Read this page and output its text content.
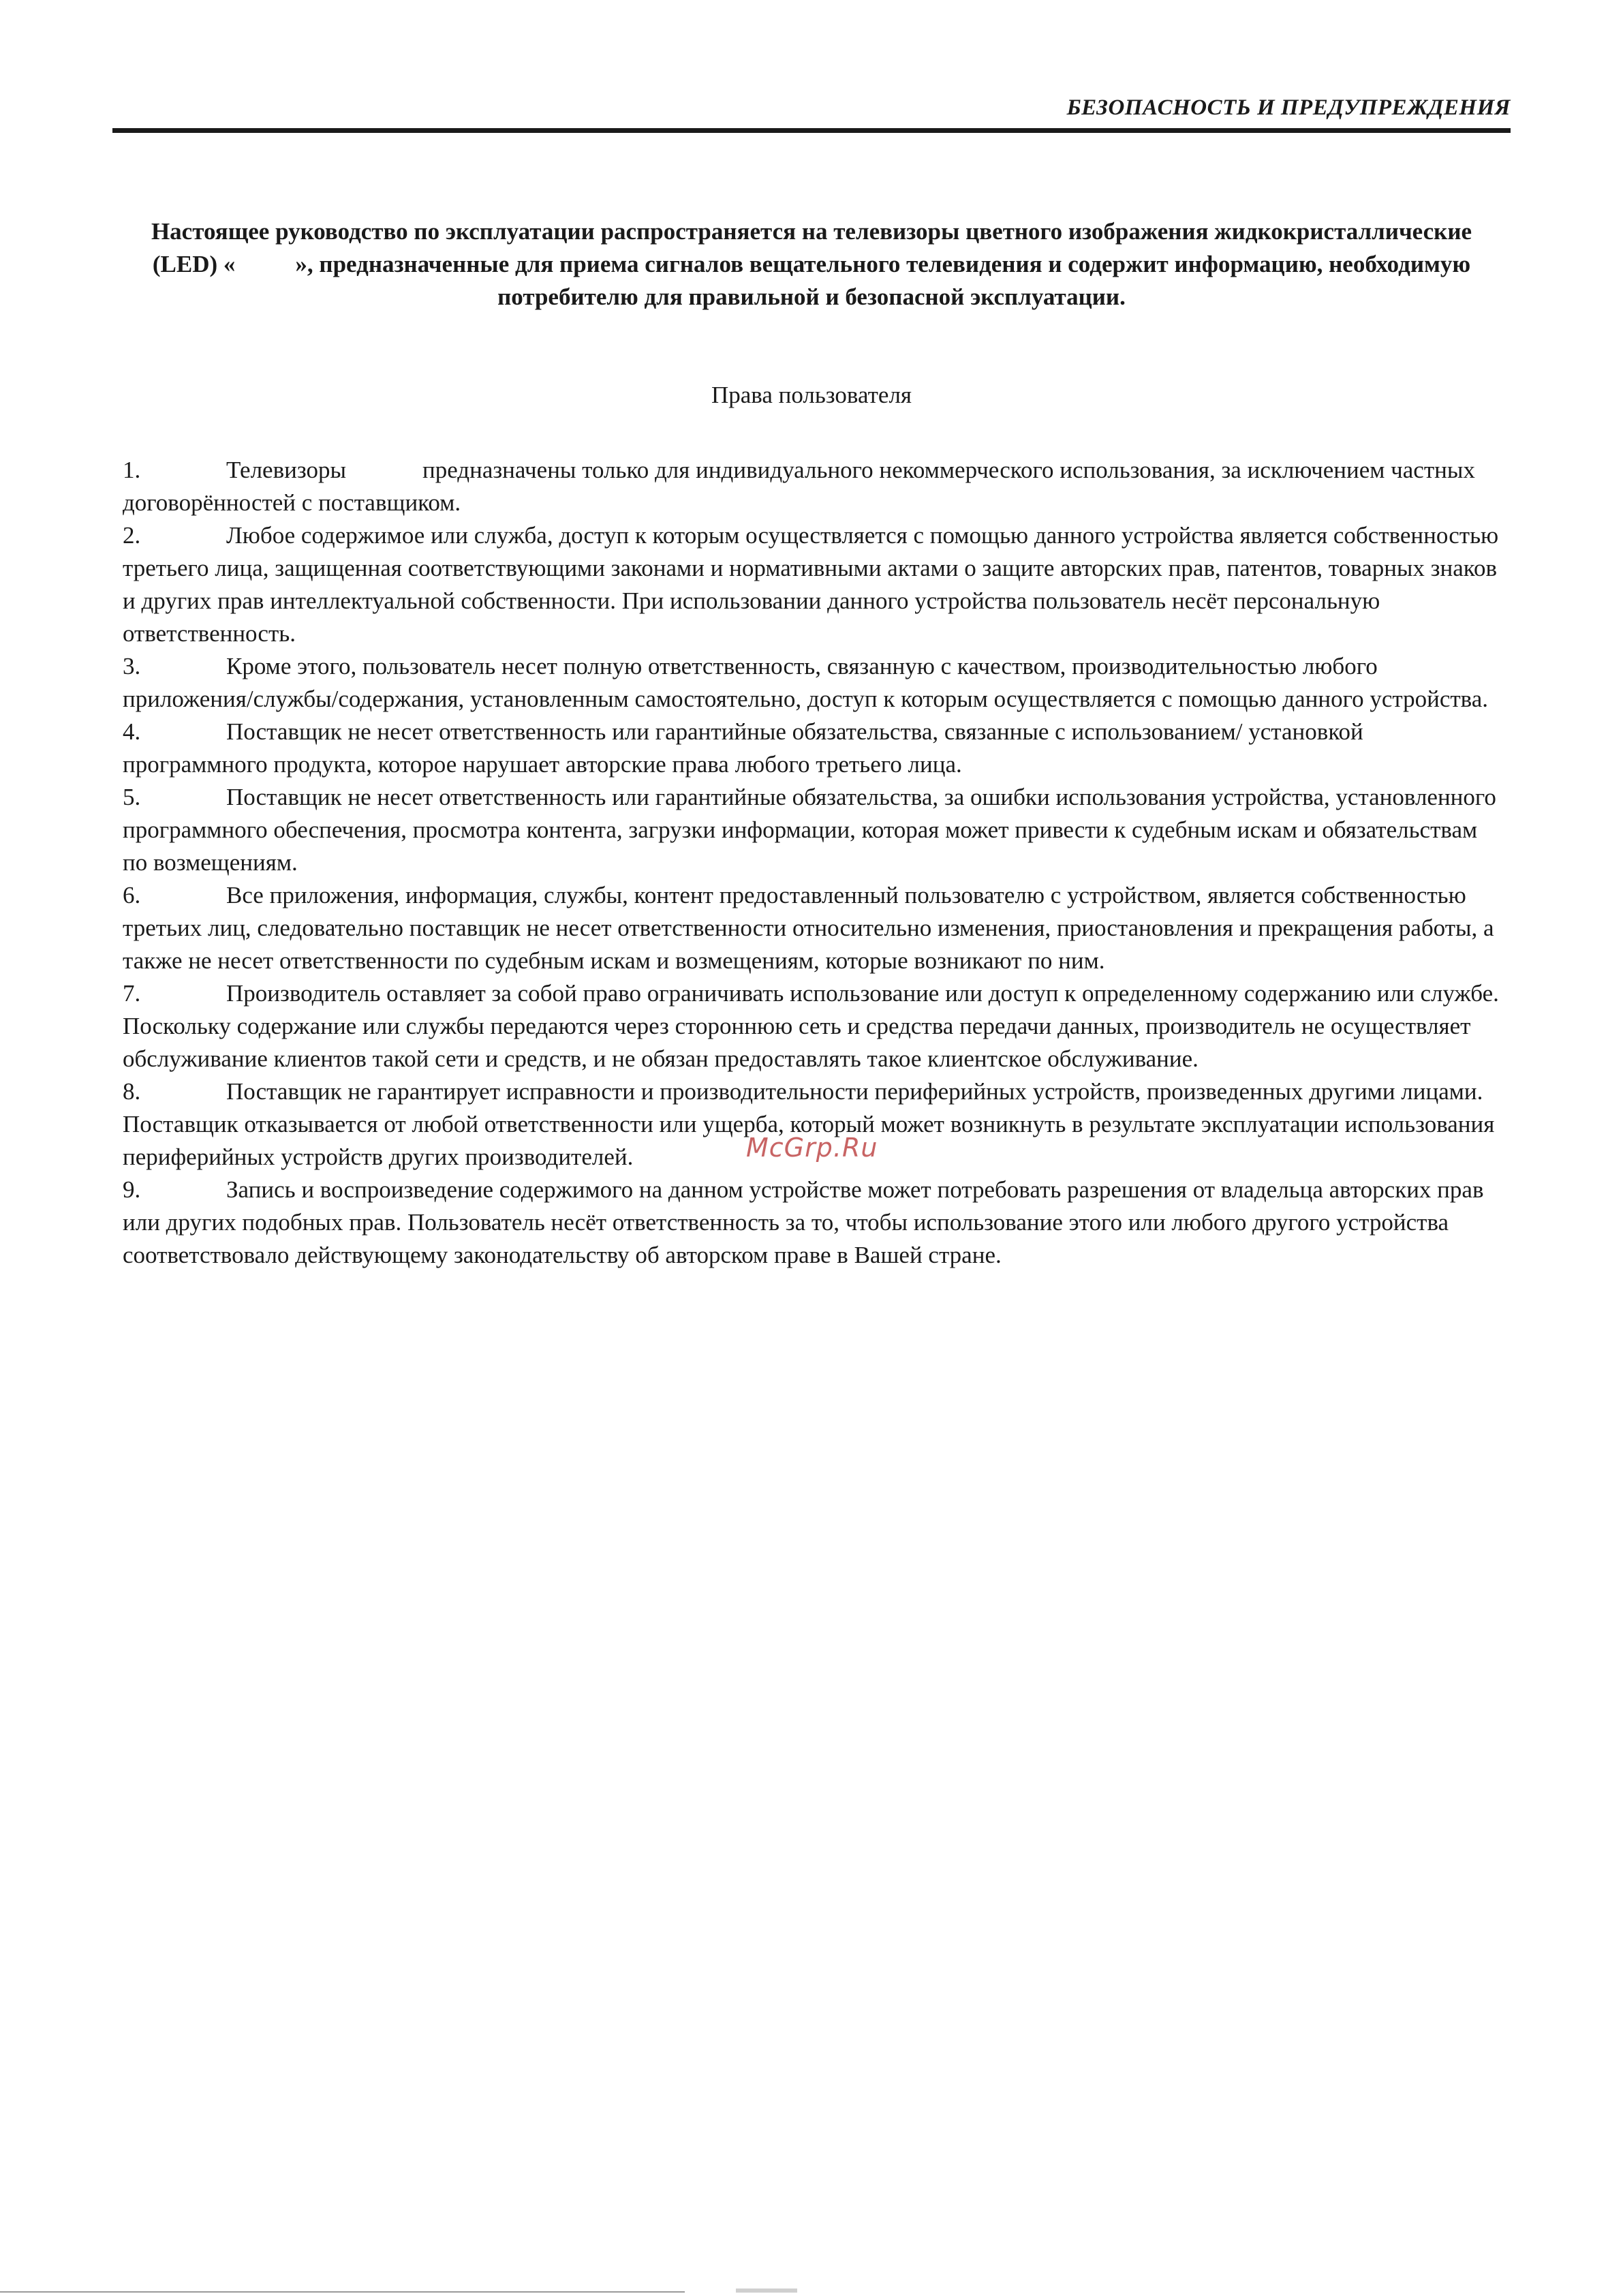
БЕЗОПАСНОСТЬ И ПРЕДУПРЕЖДЕНИЯ

Настоящее руководство по эксплуатации распространяется на телевизоры цветного изображения жидкокристаллические (LED) «	», предназначенные для приема сигналов вещательного телевидения и содержит информацию, необходимую потребителю для правильной и безопасной эксплуатации.

Права пользователя
1.	Телевизоры	предназначены только для индивидуального некоммерческого использования, за исключением частных договорённостей с поставщиком.
2.	Любое содержимое или служба, доступ к которым осуществляется с помощью данного устройства является собственностью третьего лица, защищенная соответствующими законами и нормативными актами о защите авторских прав, патентов, товарных знаков и других прав интеллектуальной собственности. При использовании данного устройства пользователь несёт персональную ответственность.
3.	Кроме этого, пользователь несет полную ответственность, связанную с качеством, производительностью любого приложения/службы/содержания, установленным самостоятельно, доступ к которым осуществляется с помощью данного устройства.
4.	Поставщик не несет ответственность или гарантийные обязательства, связанные с использованием/ установкой программного продукта, которое нарушает авторские права любого третьего лица.
5.	Поставщик не несет ответственность или гарантийные обязательства, за ошибки использования устройства, установленного программного обеспечения, просмотра контента, загрузки информации, которая может привести к судебным искам и обязательствам по возмещениям.
6.	Все приложения, информация, службы, контент предоставленный пользователю с устройством, является собственностью третьих лиц, следовательно поставщик не несет ответственности относительно изменения, приостановления и прекращения работы, а также не несет ответственности по судебным искам и возмещениям, которые возникают по ним.
7.	Производитель оставляет за собой право ограничивать использование или доступ к определенному содержанию или службе. Поскольку содержание или службы передаются через стороннюю сеть и средства передачи данных, производитель не осуществляет обслуживание клиентов такой сети и средств, и не обязан предоставлять такое клиентское обслуживание.
8.	Поставщик не гарантирует исправности и производительности периферийных устройств, произведенных другими лицами. Поставщик отказывается от любой ответственности или ущерба, который может возникнуть в результате эксплуатации использования периферийных устройств других производителей.
9.	Запись и воспроизведение содержимого на данном устройстве может потребовать разрешения от владельца авторских прав или других подобных прав. Пользователь несёт ответственность за то, чтобы использование этого или любого другого устройства соответствовало действующему законодательству об авторском праве в Вашей стране.
McGrp.Ru
